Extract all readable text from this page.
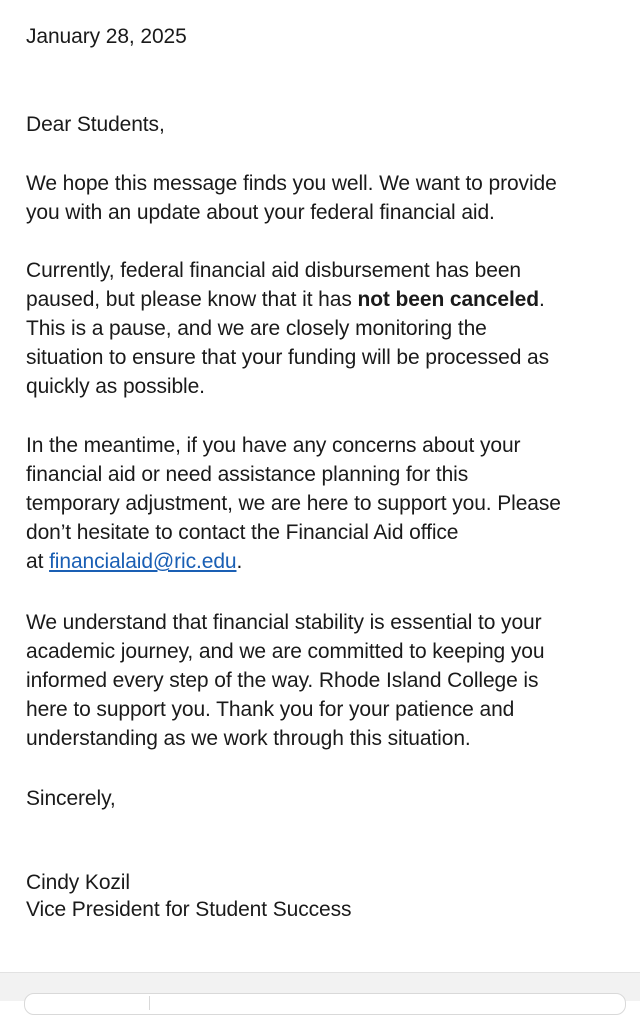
January 28, 2025
Dear Students,

We hope this message finds you well. We want to provide
you with an update about your federal financial aid.

Currently, federal financial aid disbursement has been
paused, but please know that it has not been canceled.
This is a pause, and we are closely monitoring the
situation to ensure that your funding will be processed as
quickly as possible.

In the meantime, if you have any concerns about your
financial aid or need assistance planning for this
temporary adjustment, we are here to support you. Please
don’t hesitate to contact the Financial Aid office
at financialaid@ric.edu.

We understand that financial stability is essential to your
academic journey, and we are committed to keeping you
informed every step of the way. Rhode Island College is
here to support you. Thank you for your patience and
understanding as we work through this situation.

Sincerely,
Cindy Kozil
Vice President for Student Success
